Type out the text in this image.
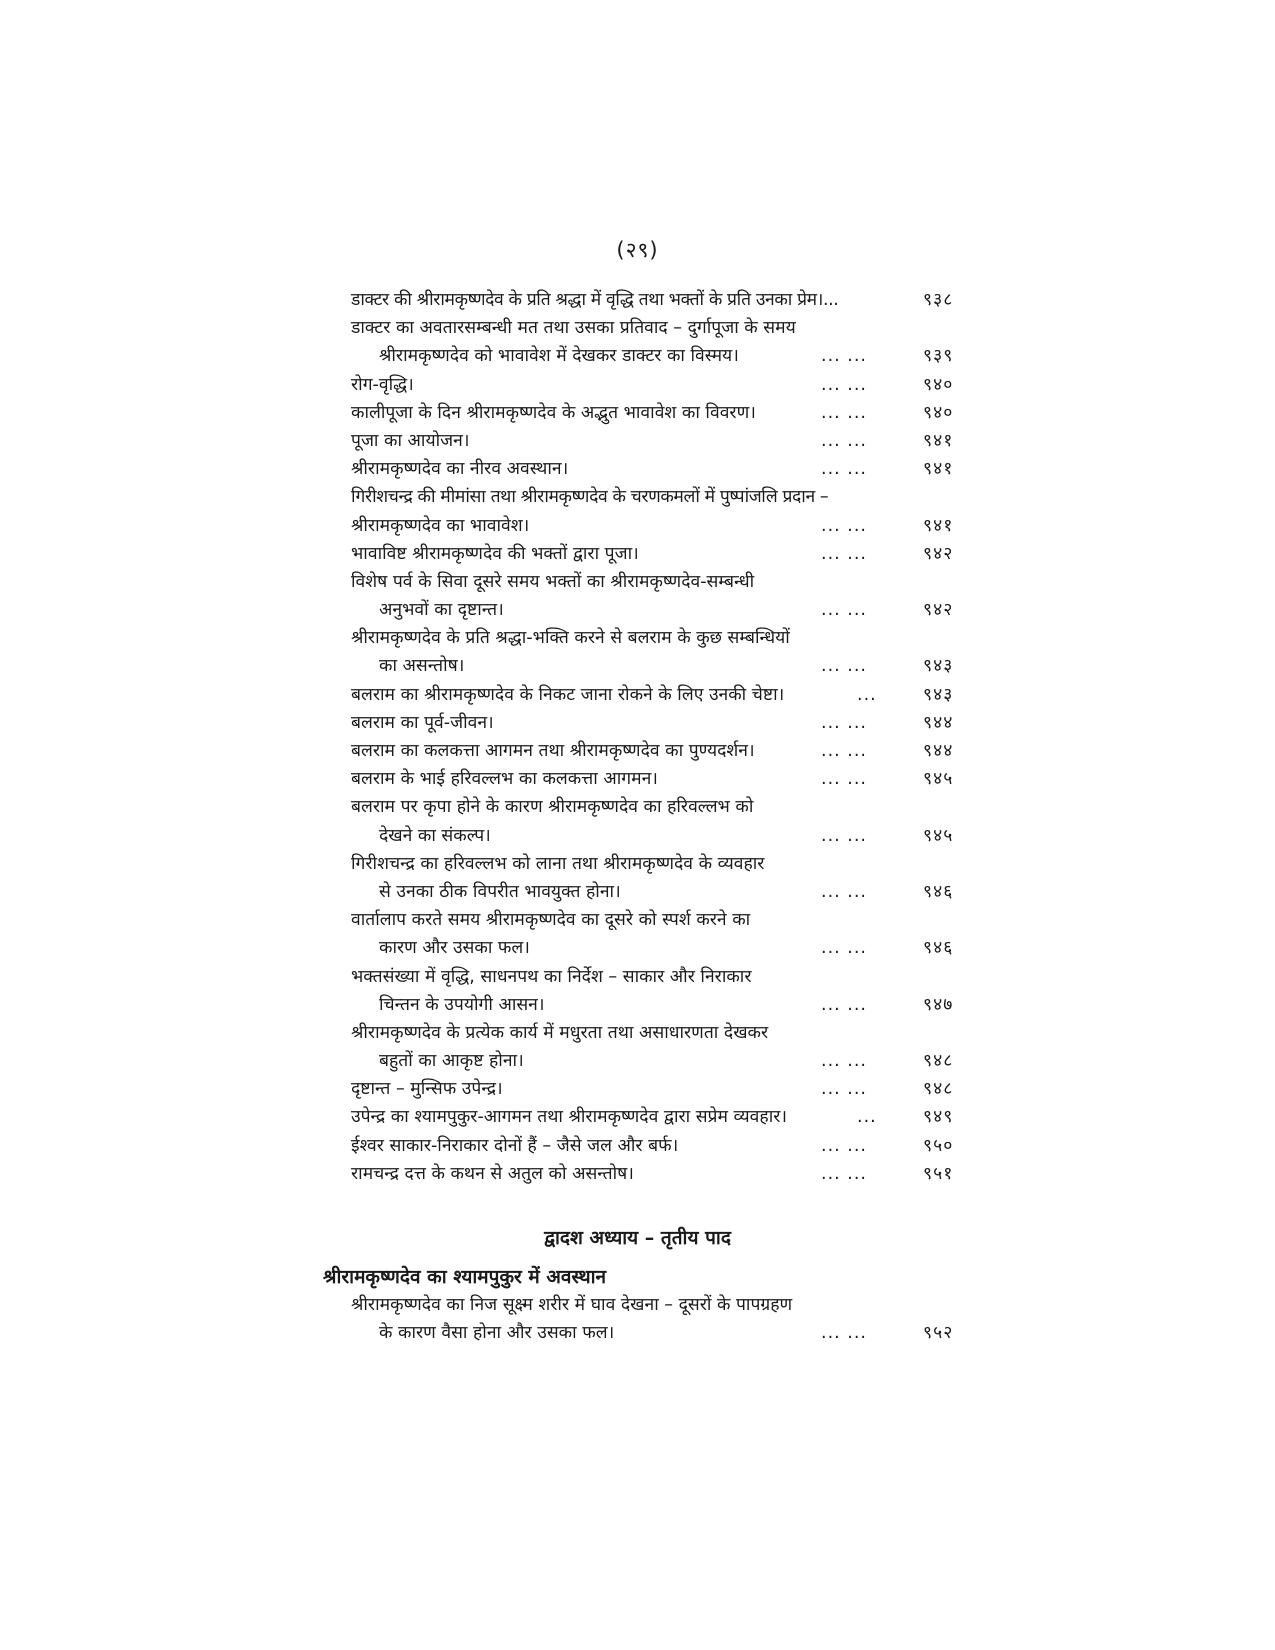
(२९)
डाक्टर की श्रीरामकृष्णदेव के प्रति श्रद्धा में वृद्धि तथा भक्तों के प्रति उनका प्रेम।...	९३८
डाक्टर का अवतारसम्बन्धी मत तथा उसका प्रतिवाद – दुर्गापूजा के समय
श्रीरामकृष्णदेव को भावावेश में देखकर डाक्टर का विस्मय।	... ...	९३९
रोग-वृद्धि।	... ...	९४०
कालीपूजा के दिन श्रीरामकृष्णदेव के अद्भुत भावावेश का विवरण।	... ...	९४०
पूजा का आयोजन।	... ...	९४१
श्रीरामकृष्णदेव का नीरव अवस्थान।	... ...	९४१
गिरीशचन्द्र की मीमांसा तथा श्रीरामकृष्णदेव के चरणकमलों में पुष्पांजलि प्रदान –
श्रीरामकृष्णदेव का भावावेश।	... ...	९४१
भावाविष्ट श्रीरामकृष्णदेव की भक्तों द्वारा पूजा।	... ...	९४२
विशेष पर्व के सिवा दूसरे समय भक्तों का श्रीरामकृष्णदेव-सम्बन्धी
अनुभवों का दृष्टान्त।	... ...	९४२
श्रीरामकृष्णदेव के प्रति श्रद्धा-भक्ति करने से बलराम के कुछ सम्बन्धियों
का असन्तोष।	... ...	९४३
बलराम का श्रीरामकृष्णदेव के निकट जाना रोकने के लिए उनकी चेष्टा।	...	९४३
बलराम का पूर्व-जीवन।	... ...	९४४
बलराम का कलकत्ता आगमन तथा श्रीरामकृष्णदेव का पुण्यदर्शन।	... ...	९४४
बलराम के भाई हरिवल्लभ का कलकत्ता आगमन।	... ...	९४५
बलराम पर कृपा होने के कारण श्रीरामकृष्णदेव का हरिवल्लभ को
देखने का संकल्प।	... ...	९४५
गिरीशचन्द्र का हरिवल्लभ को लाना तथा श्रीरामकृष्णदेव के व्यवहार
से उनका ठीक विपरीत भावयुक्त होना।	... ...	९४६
वार्तालाप करते समय श्रीरामकृष्णदेव का दूसरे को स्पर्श करने का
कारण और उसका फल।	... ...	९४६
भक्तसंख्या में वृद्धि, साधनपथ का निर्देश – साकार और निराकार
चिन्तन के उपयोगी आसन।	... ...	९४७
श्रीरामकृष्णदेव के प्रत्येक कार्य में मधुरता तथा असाधारणता देखकर
बहुतों का आकृष्ट होना।	... ...	९४८
दृष्टान्त – मुन्सिफ उपेन्द्र।	... ...	९४८
उपेन्द्र का श्यामपुकुर-आगमन तथा श्रीरामकृष्णदेव द्वारा सप्रेम व्यवहार।	...	९४९
ईश्वर साकार-निराकार दोनों हैं – जैसे जल और बर्फ।	... ...	९५०
रामचन्द्र दत्त के कथन से अतुल को असन्तोष।	... ...	९५१
द्वादश अध्याय – तृतीय पाद
श्रीरामकृष्णदेव का श्यामपुकुर में अवस्थान
श्रीरामकृष्णदेव का निज सूक्ष्म शरीर में घाव देखना – दूसरों के पापग्रहण
के कारण वैसा होना और उसका फल।	... ...	९५२
